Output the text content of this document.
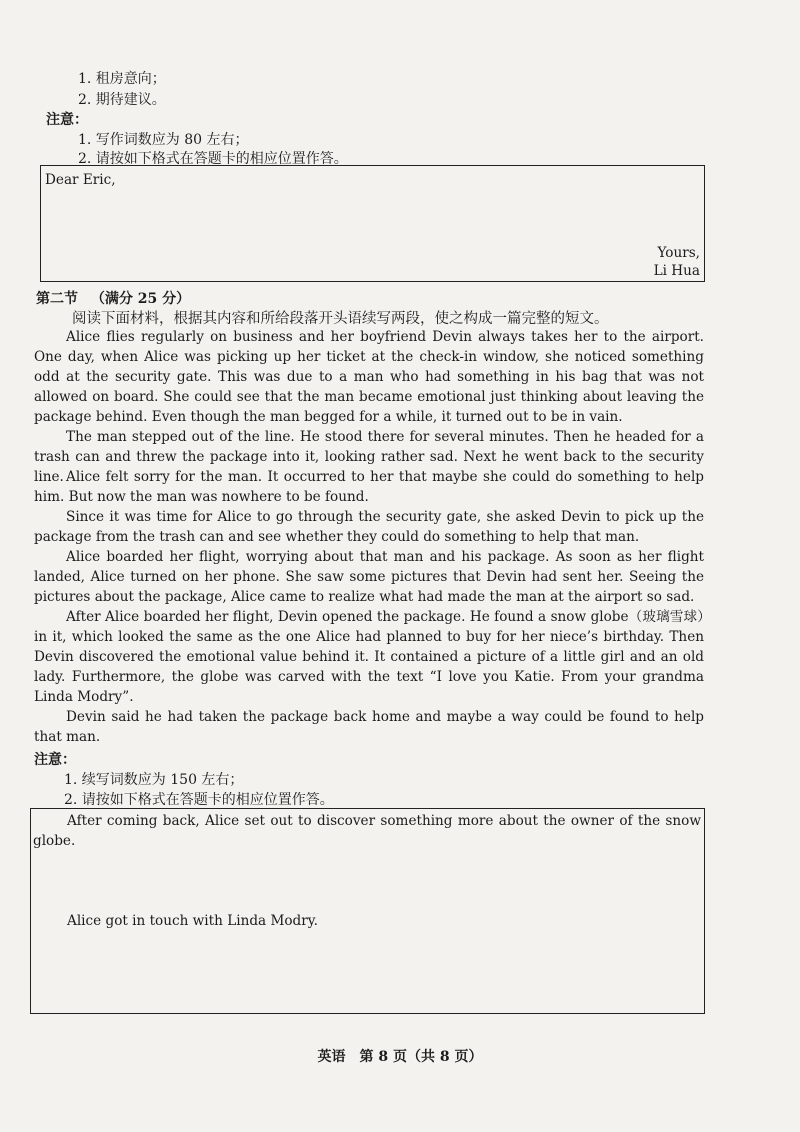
1. 租房意向；
2. 期待建议。
注意：
1. 写作词数应为 80 左右；
2. 请按如下格式在答题卡的相应位置作答。
Dear Eric,
Yours,
Li Hua
第二节 （满分 25 分）
阅读下面材料，根据其内容和所给段落开头语续写两段，使之构成一篇完整的短文。
Alice flies regularly on business and her boyfriend Devin always takes her to the airport. One day, when Alice was picking up her ticket at the check-in window, she noticed something odd at the security gate. This was due to a man who had something in his bag that was not allowed on board. She could see that the man became emotional just thinking about leaving the package behind. Even though the man begged for a while, it turned out to be in vain.
The man stepped out of the line. He stood there for several minutes. Then he headed for a trash can and threw the package into it, looking rather sad. Next he went back to the security line. Alice felt sorry for the man. It occurred to her that maybe she could do something to help him. But now the man was nowhere to be found.
Since it was time for Alice to go through the security gate, she asked Devin to pick up the package from the trash can and see whether they could do something to help that man.
Alice boarded her flight, worrying about that man and his package. As soon as her flight landed, Alice turned on her phone. She saw some pictures that Devin had sent her. Seeing the pictures about the package, Alice came to realize what had made the man at the airport so sad.
After Alice boarded her flight, Devin opened the package. He found a snow globe（玻璃雪球）in it, which looked the same as the one Alice had planned to buy for her niece’s birthday. Then Devin discovered the emotional value behind it. It contained a picture of a little girl and an old lady. Furthermore, the globe was carved with the text “I love you Katie. From your grandma Linda Modry”.
Devin said he had taken the package back home and maybe a way could be found to help that man.
注意：
1. 续写词数应为 150 左右；
2. 请按如下格式在答题卡的相应位置作答。
After coming back, Alice set out to discover something more about the owner of the snow globe.
Alice got in touch with Linda Modry.
英语　第 8 页（共 8 页）
